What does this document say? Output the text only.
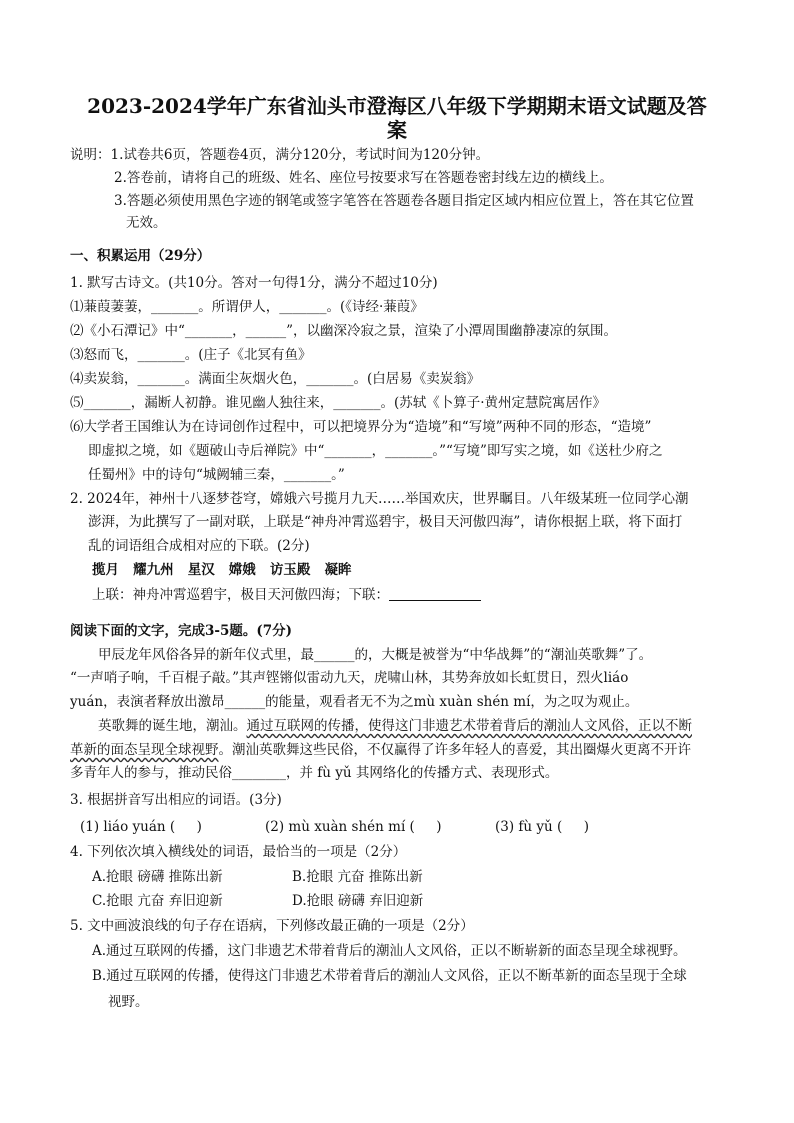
2023-2024学年广东省汕头市澄海区八年级下学期期末语文试题及答
案
说明：1.试卷共6页，答题卷4页，满分120分，考试时间为120分钟。
2.答卷前，请将自己的班级、姓名、座位号按要求写在答题卷密封线左边的横线上。
3.答题必须使用黑色字迹的钢笔或签字笔答在答题卷各题目指定区域内相应位置上，答在其它位置
无效。
一、积累运用（29分）
1. 默写古诗文。(共10分。答对一句得1分，满分不超过10分)
⑴蒹葭萋萋，_______。所谓伊人，_______。(《诗经·蒹葭》
⑵《小石潭记》中“_______，______”，以幽深冷寂之景，渲染了小潭周围幽静凄凉的氛围。
⑶怒而飞，_______。(庄子《北冥有鱼》
⑷卖炭翁，_______。满面尘灰烟火色，_______。(白居易《卖炭翁》
⑸_______，漏断人初静。谁见幽人独往来，_______。(苏轼《卜算子·黄州定慧院寓居作》
⑹大学者王国维认为在诗词创作过程中，可以把境界分为“造境”和“写境”两种不同的形态，“造境”
即虚拟之境，如《题破山寺后禅院》中“_______，_______。”“写境”即写实之境，如《送杜少府之
任蜀州》中的诗句“城阙辅三秦，_______。”
2. 2024年，神州十八逐梦苍穹，嫦娥六号揽月九天……举国欢庆，世界瞩目。八年级某班一位同学心潮
澎湃，为此撰写了一副对联，上联是“神舟冲霄巡碧宇，极目天河傲四海”，请你根据上联，将下面打
乱的词语组合成相对应的下联。(2分)
揽月   耀九州   星汉   嫦娥   访玉殿   凝眸
上联：神舟冲霄巡碧宇，极目天河傲四海；下联：
阅读下面的文字，完成3-5题。(7分)
甲辰龙年风俗各异的新年仪式里，最______的，大概是被誉为“中华战舞”的“潮汕英歌舞”了。
“一声哨子响，千百棍子敲。”其声铿锵似雷动九天，虎啸山林，其势奔放如长虹贯日，烈火liáo
yuán，表演者释放出激昂______的能量，观看者无不为之mù xuàn shén mí，为之叹为观止。
英歌舞的诞生地，潮汕。通过互联网的传播，使得这门非遗艺术带着背后的潮汕人文风俗，正以不断
革新的面态呈现全球视野。潮汕英歌舞这些民俗，不仅赢得了许多年轻人的喜爱，其出圈爆火更离不开许
多青年人的参与，推动民俗________，并 fù yǔ 其网络化的传播方式、表现形式。
3. 根据拼音写出相应的词语。(3分)
(1) liáo yuán (     )	(2) mù xuàn shén mí (     )	(3) fù yǔ (     )
4. 下列依次填入横线处的词语，最恰当的一项是（2分）
A.抢眼 磅礴 推陈出新	B.抢眼 亢奋 推陈出新
C.抢眼 亢奋 弃旧迎新	D.抢眼 磅礴 弃旧迎新
5. 文中画波浪线的句子存在语病，下列修改最正确的一项是（2分）
A.通过互联网的传播，这门非遗艺术带着背后的潮汕人文风俗，正以不断崭新的面态呈现全球视野。
B.通过互联网的传播，使得这门非遗艺术带着背后的潮汕人文风俗，正以不断革新的面态呈现于全球
视野。
